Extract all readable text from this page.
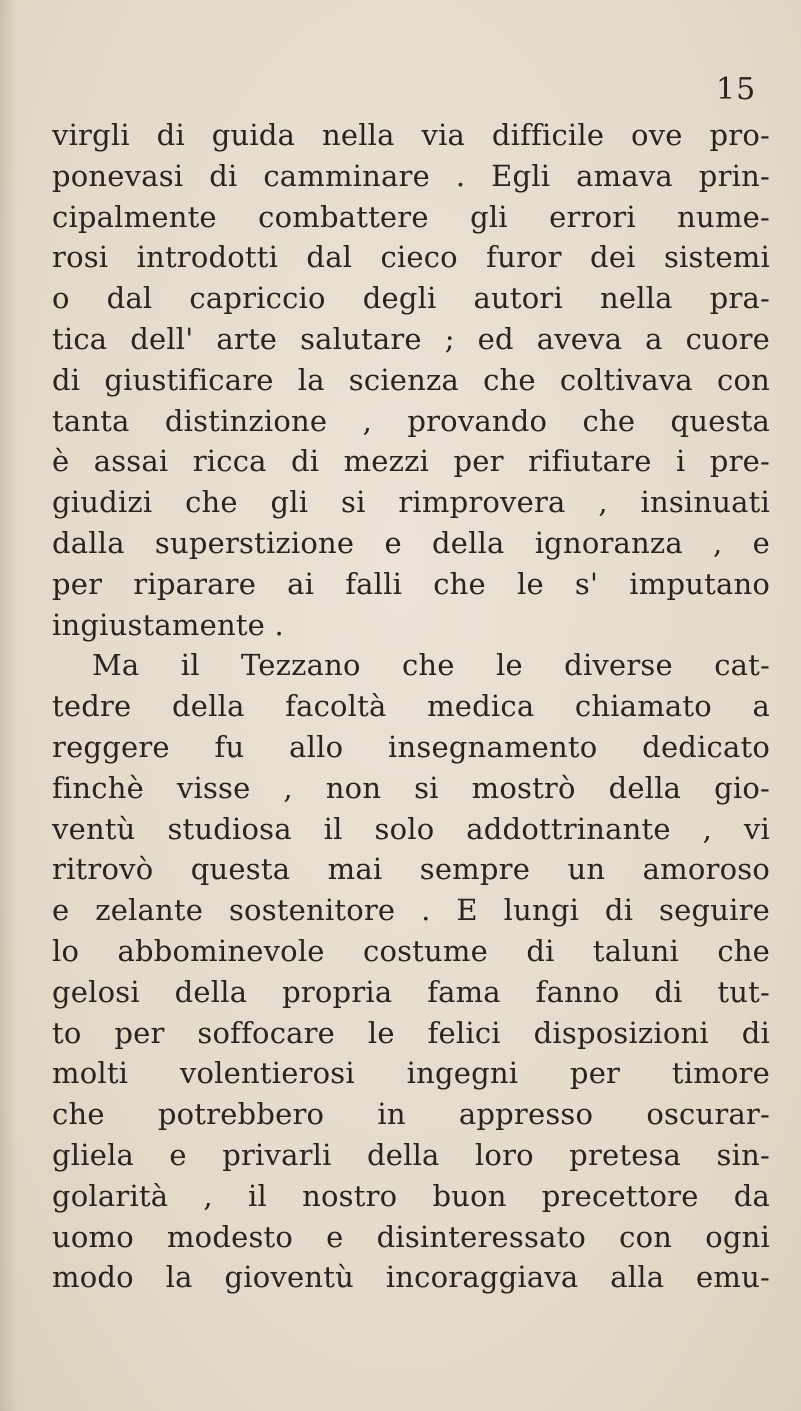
15
virgli di guida nella via difficile ove pro-
ponevasi di camminare . Egli amava prin-
cipalmente combattere gli errori nume-
rosi introdotti dal cieco furor dei sistemi
o dal capriccio degli autori nella pra-
tica dell' arte salutare ; ed aveva a cuore
di giustificare la scienza che coltivava con
tanta distinzione , provando che questa
è assai ricca di mezzi per rifiutare i pre-
giudizi che gli si rimprovera , insinuati
dalla superstizione e della ignoranza , e
per riparare ai falli che le s' imputano
ingiustamente .
Ma il Tezzano che le diverse cat-
tedre della facoltà medica chiamato a
reggere fu allo insegnamento dedicato
finchè visse , non si mostrò della gio-
ventù studiosa il solo addottrinante , vi
ritrovò questa mai sempre un amoroso
e zelante sostenitore . E lungi di seguire
lo abbominevole costume di taluni che
gelosi della propria fama fanno di tut-
to per soffocare le felici disposizioni di
molti volentierosi ingegni per timore
che potrebbero in appresso oscurar-
gliela e privarli della loro pretesa sin-
golarità , il nostro buon precettore da
uomo modesto e disinteressato con ogni
modo la gioventù incoraggiava alla emu-
